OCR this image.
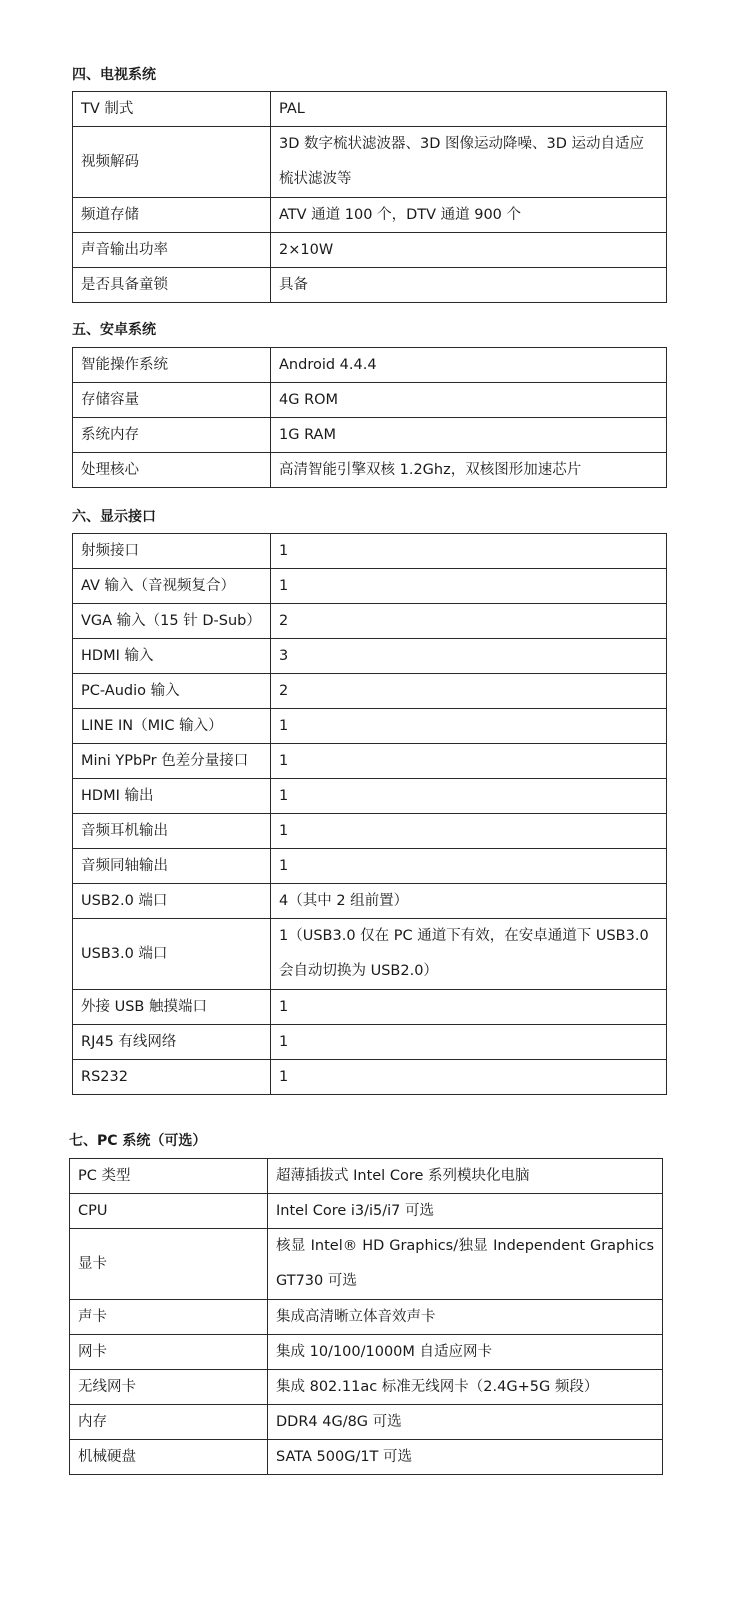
四、电视系统
TV 制式	PAL
视频解码	3D 数字梳状滤波器、3D 图像运动降噪、3D 运动自适应梳状滤波等
频道存储	ATV 通道 100 个，DTV 通道 900 个
声音输出功率	2×10W
是否具备童锁	具备
五、安卓系统
智能操作系统	Android 4.4.4
存储容量	4G ROM
系统内存	1G RAM
处理核心	高清智能引擎双核 1.2Ghz，双核图形加速芯片
六、显示接口
射频接口	1
AV 输入（音视频复合）	1
VGA 输入（15 针 D-Sub）	2
HDMI 输入	3
PC-Audio 输入	2
LINE IN（MIC 输入）	1
Mini YPbPr 色差分量接口	1
HDMI 输出	1
音频耳机输出	1
音频同轴输出	1
USB2.0 端口	4（其中 2 组前置）
USB3.0 端口	1（USB3.0 仅在 PC 通道下有效，在安卓通道下 USB3.0 会自动切换为 USB2.0）
外接 USB 触摸端口	1
RJ45 有线网络	1
RS232	1
七、PC 系统（可选）
PC 类型	超薄插拔式 Intel Core 系列模块化电脑
CPU	Intel Core i3/i5/i7 可选
显卡	核显 Intel® HD Graphics/独显 Independent Graphics GT730 可选
声卡	集成高清晰立体音效声卡
网卡	集成 10/100/1000M 自适应网卡
无线网卡	集成 802.11ac 标准无线网卡（2.4G+5G 频段）
内存	DDR4 4G/8G 可选
机械硬盘	SATA 500G/1T 可选
